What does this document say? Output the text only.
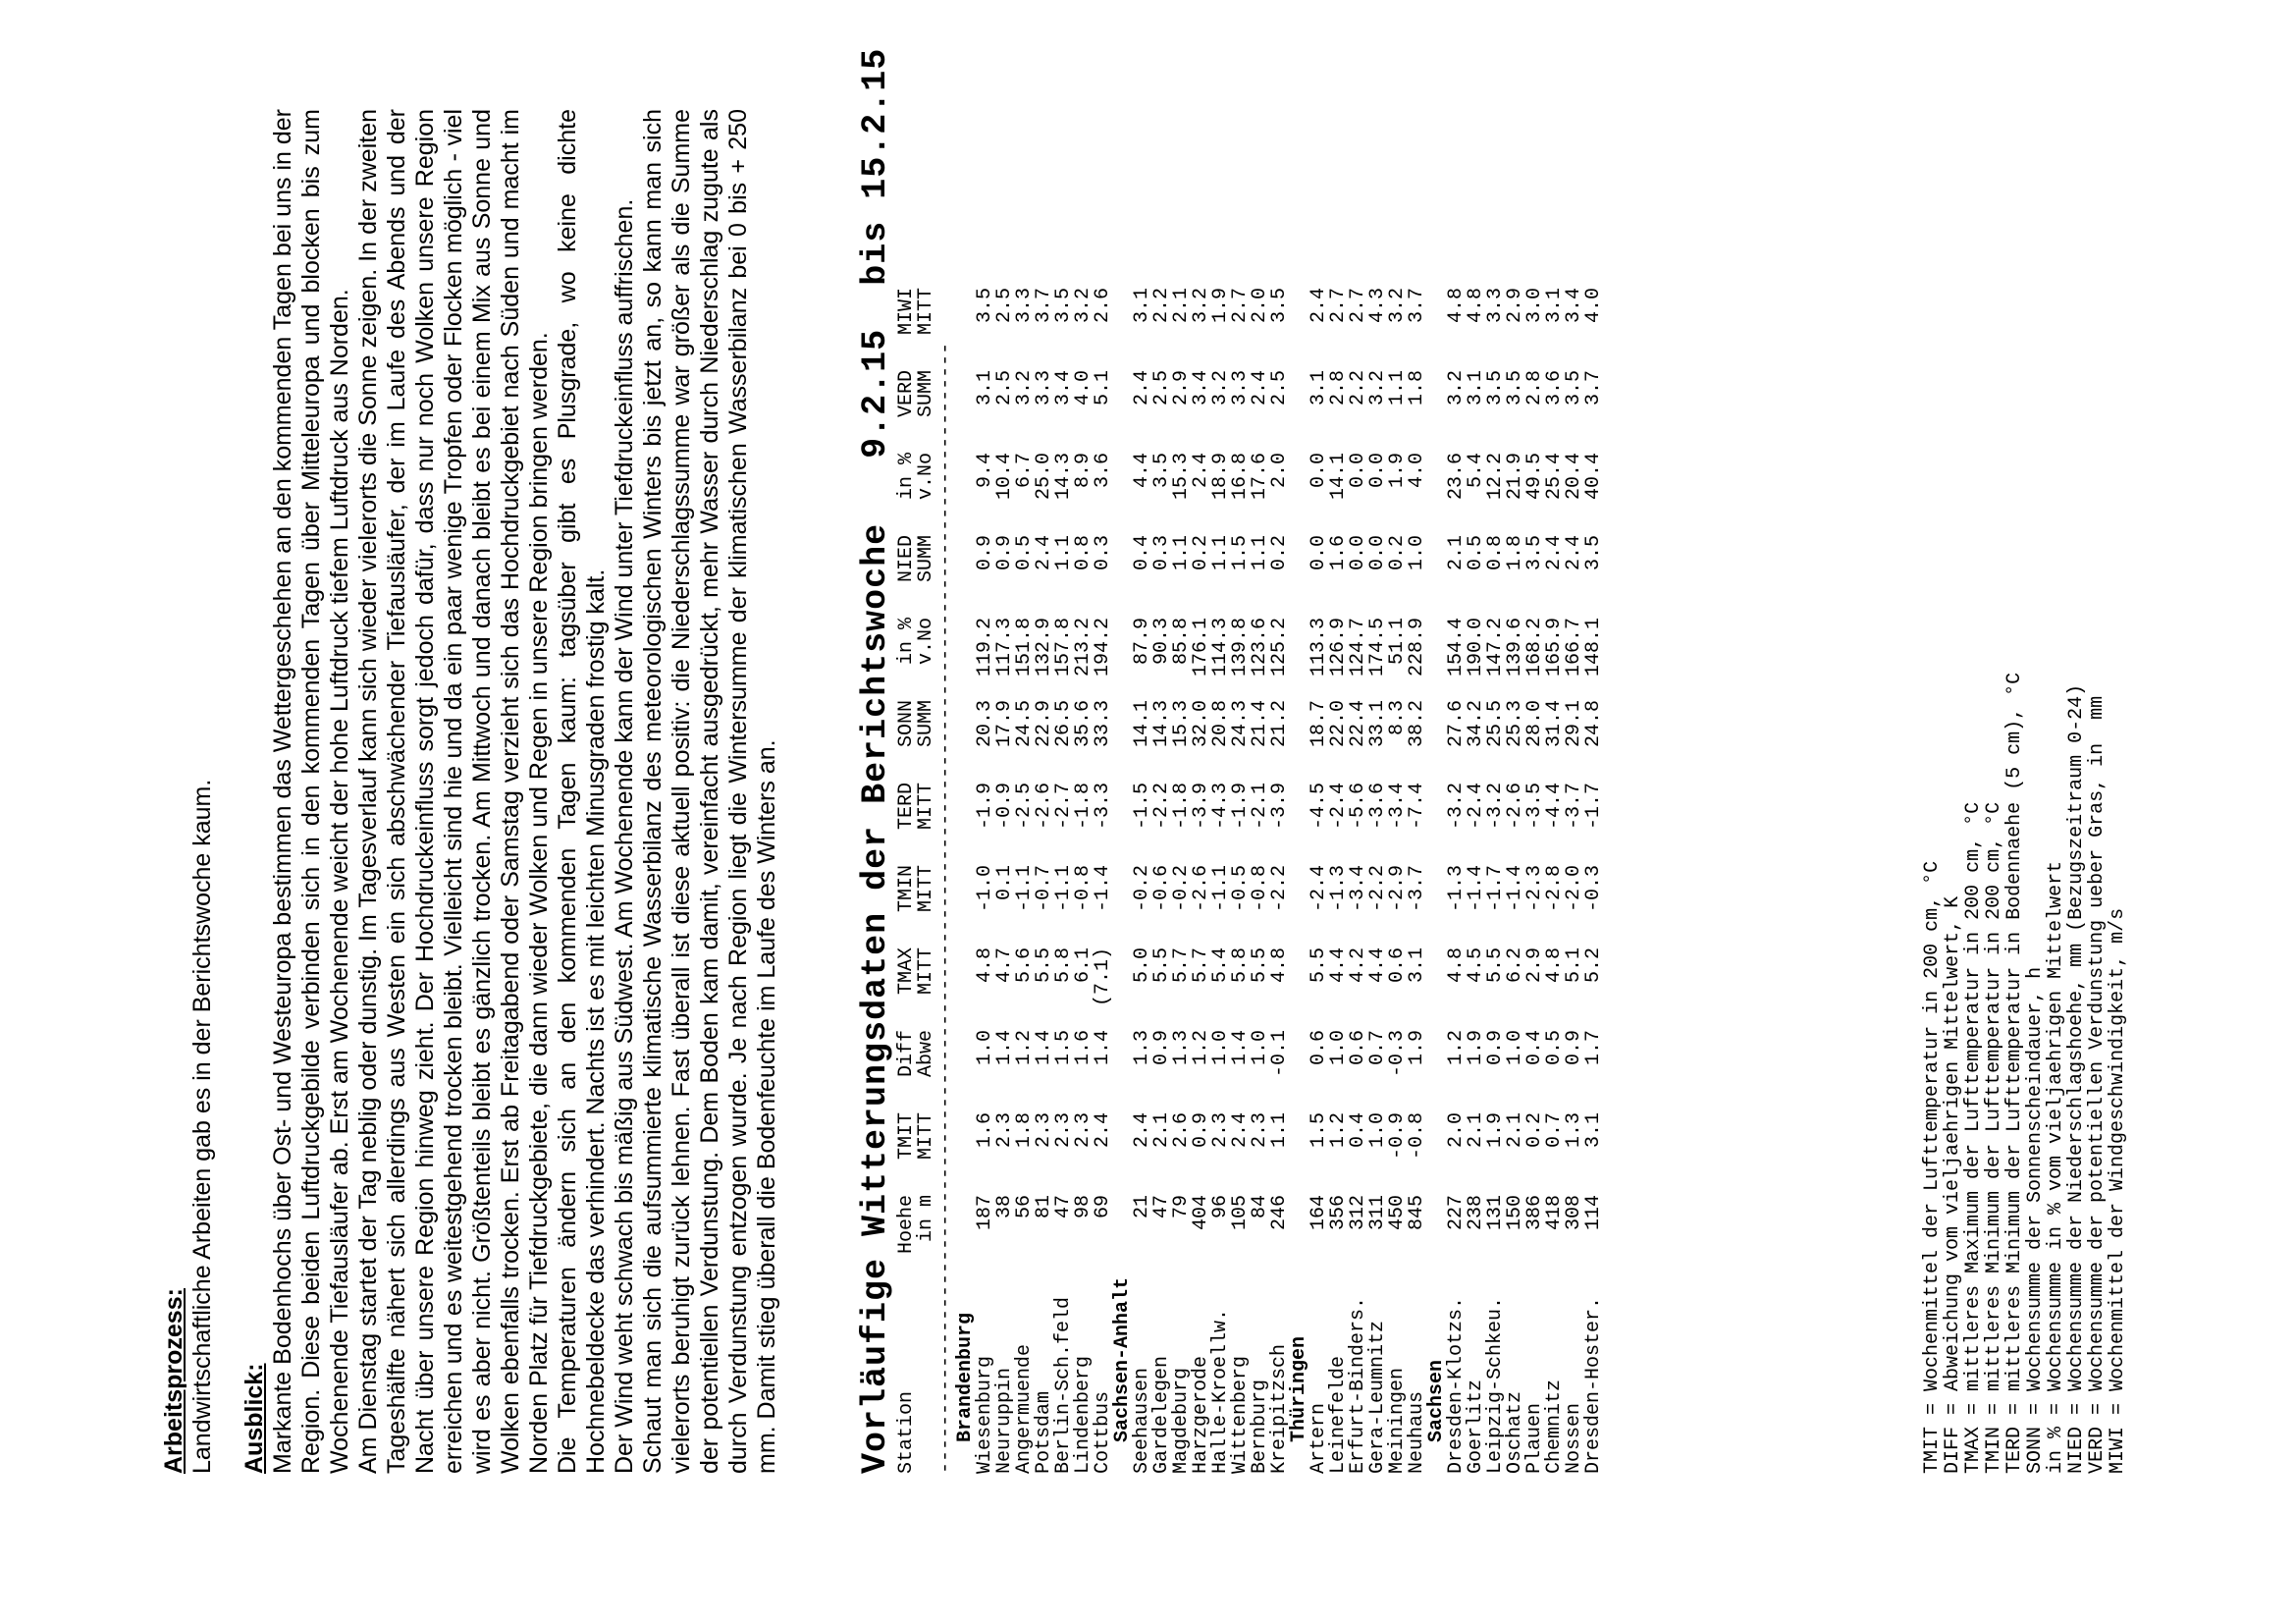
Arbeitsprozess: Landwirtschaftliche Arbeiten gab es in der Berichtswoche kaum. Ausblick: Markante Bodenhochs über Ost- und Westeuropa bestimmen das Wettergeschehen an den kommenden Tagen bei uns in der Region. Diese beiden Luftdruckgebilde verbinden sich in den kommenden Tagen über Mitteleuropa und blocken bis zum Wochenende Tiefausläufer ab. Erst am Wochenende weicht der hohe Luftdruck tiefem Luftdruck aus Norden. Am Dienstag startet der Tag neblig oder dunstig. Im Tagesverlauf kann sich wieder vielerorts die Sonne zeigen. In der zweiten Tageshälfte nähert sich allerdings aus Westen ein sich abschwächender Tiefausläufer, der im Laufe des Abends und der Nacht über unsere Region hinweg zieht. Der Hochdruckeinfluss sorgt jedoch dafür, dass nur noch Wolken unsere Region erreichen und es weitestgehend trocken bleibt. Vielleicht sind hie und da ein paar wenige Tropfen oder Flocken möglich - viel wird es aber nicht. Größtenteils bleibt es gänzlich trocken. Am Mittwoch und danach bleibt es bei einem Mix aus Sonne und Wolken ebenfalls trocken. Erst ab Freitagabend oder Samstag verzieht sich das Hochdruckgebiet nach Süden und macht im Norden Platz für Tiefdruckgebiete, die dann wieder Wolken und Regen in unsere Region bringen werden. Die Temperaturen ändern sich an den kommenden Tagen kaum: tagsüber gibt es Plusgrade, wo keine dichte Hochnebeldecke das verhindert. Nachts ist es mit leichten Minusgraden frostig kalt. Der Wind weht schwach bis mäßig aus Südwest. Am Wochenende kann der Wind unter Tiefdruckeinfluss auffrischen. Schaut man sich die aufsummierte klimatische Wasserbilanz des meteorologischen Winters bis jetzt an, so kann man sich vielerorts beruhigt zurück lehnen. Fast überall ist diese aktuell positiv: die Niederschlagssumme war größer als die Summe der potentiellen Verdunstung. Dem Boden kam damit, vereinfacht ausgedrückt, mehr Wasser durch Niederschlag zugute als durch Verdunstung entzogen wurde. Je nach Region liegt die Wintersumme der klimatischen Wasserbilanz bei 0 bis + 250 mm. Damit stieg überall die Bodenfeuchte im Laufe des Winters an. Vorläufige Witterungsdaten der Berichtswoche   9.2.15  bis 15.2.15 Station	Hoehe	TMIT	Diff	TMAX	TMIN	TERD	SONN	in %	NIED	in %	VERD	MIWI
	in m	MITT	Abwe	MITT	MITT	MITT	SUMM	v.No	SUMM	v.No	SUMM	MITT
------------------------------------------------------------------------------------------------												
Brandenburg												
Wiesenburg	187	1.6	1.0	4.8	-1.0	-1.9	20.3	119.2	0.9	9.4	3.1	3.5
Neuruppin	38	2.3	1.4	4.7	0.1	-0.9	17.9	117.3	0.9	10.4	2.5	2.5
Angermuende	56	1.8	1.2	5.6	-1.1	-2.5	24.5	151.8	0.5	6.7	3.2	3.3
Potsdam	81	2.3	1.4	5.5	-0.7	-2.6	22.9	132.9	2.4	25.0	3.3	3.7
Berlin-Sch.feld	47	2.3	1.5	5.8	-1.1	-2.7	26.5	157.8	1.1	14.3	3.4	3.5
Lindenberg	98	2.3	1.6	6.1	-0.8	-1.8	35.6	213.2	0.8	8.9	4.0	3.2
Cottbus	69	2.4	1.4	(7.1)	-1.4	-3.3	33.3	194.2	0.3	3.6	5.1	2.6
Sachsen-Anhalt												
Seehausen	21	2.4	1.3	5.0	-0.2	-1.5	14.1	87.9	0.4	4.4	2.4	3.1
Gardelegen	47	2.1	0.9	5.5	-0.6	-2.2	14.3	90.3	0.3	3.5	2.5	2.2
Magdeburg	79	2.6	1.3	5.7	-0.2	-1.8	15.3	85.8	1.1	15.3	2.9	2.1
Harzgerode	404	0.9	1.2	5.7	-2.6	-3.9	32.0	176.1	0.2	2.4	3.4	3.2
Halle-Kroellw.	96	2.3	1.0	5.4	-1.1	-4.3	20.8	114.3	1.1	18.9	3.2	1.9
Wittenberg	105	2.4	1.4	5.8	-0.5	-1.9	24.3	139.8	1.5	16.8	3.3	2.7
Bernburg	84	2.3	1.0	5.5	-0.8	-2.1	21.4	123.6	1.1	17.6	2.4	2.0
Kreipitzsch	246	1.1	-0.1	4.8	-2.2	-3.9	21.2	125.2	0.2	2.0	2.5	3.5
Thüringen												
Artern	164	1.5	0.6	5.5	-2.4	-4.5	18.7	113.3	0.0	0.0	3.1	2.4
Leinefelde	356	1.2	1.0	4.4	-1.3	-2.4	22.0	126.9	1.6	14.1	2.8	2.7
Erfurt-Binders.	312	0.4	0.6	4.2	-3.4	-5.6	22.4	124.7	0.0	0.0	2.2	2.7
Gera-Leumnitz	311	1.0	0.7	4.4	-2.2	-3.6	33.1	174.5	0.0	0.0	3.2	4.3
Meiningen	450	-0.9	-0.3	0.6	-2.9	-3.4	8.3	51.1	0.2	1.9	1.1	3.2
Neuhaus	845	-0.8	1.9	3.1	-3.7	-7.4	38.2	228.9	1.0	4.0	1.8	3.7
Sachsen												
Dresden-Klotzs.	227	2.0	1.2	4.8	-1.3	-3.2	27.6	154.4	2.1	23.6	3.2	4.8
Goerlitz	238	2.1	1.9	4.5	-1.4	-2.4	34.2	190.0	0.5	5.4	3.1	4.8
Leipzig-Schkeu.	131	1.9	0.9	5.5	-1.7	-3.2	25.5	147.2	0.8	12.2	3.5	3.3
Oschatz	150	2.1	1.0	6.2	-1.4	-2.6	25.3	139.6	1.8	21.9	3.5	2.9
Plauen	386	0.2	0.4	2.9	-2.3	-3.5	28.0	168.2	3.5	49.5	2.8	3.0
Chemnitz	418	0.7	0.5	4.8	-2.8	-4.4	31.4	165.9	2.4	25.4	3.6	3.1
Nossen	308	1.3	0.9	5.1	-2.0	-3.7	29.1	166.7	2.4	20.4	3.5	3.4
Dresden-Hoster.	114	3.1	1.7	5.2	-0.3	-1.7	24.8	148.1	3.5	40.4	3.7	4.0
TMIT = Wochenmittel der Lufttemperatur in 200 cm, °C
DIFF = Abweichung vom vieljaehrigen Mittelwert, K
TMAX = mittleres Maximum der Lufttemperatur in 200 cm, °C
TMIN = mittleres Minimum der Lufttemperatur in 200 cm, °C
TERD = mittleres Minimum der Lufttemperatur in Bodennaehe (5 cm), °C
SONN = Wochensumme der Sonnenscheindauer, h
in % = Wochensumme in % vom vieljaehrigen Mittelwert
NIED = Wochensumme der Niederschlagshoehe, mm (Bezugszeitraum 0-24)
VERD = Wochensumme der potentiellen Verdunstung ueber Gras, in  mm
MIWI = Wochenmittel der Windgeschwindigkeit, m/s
